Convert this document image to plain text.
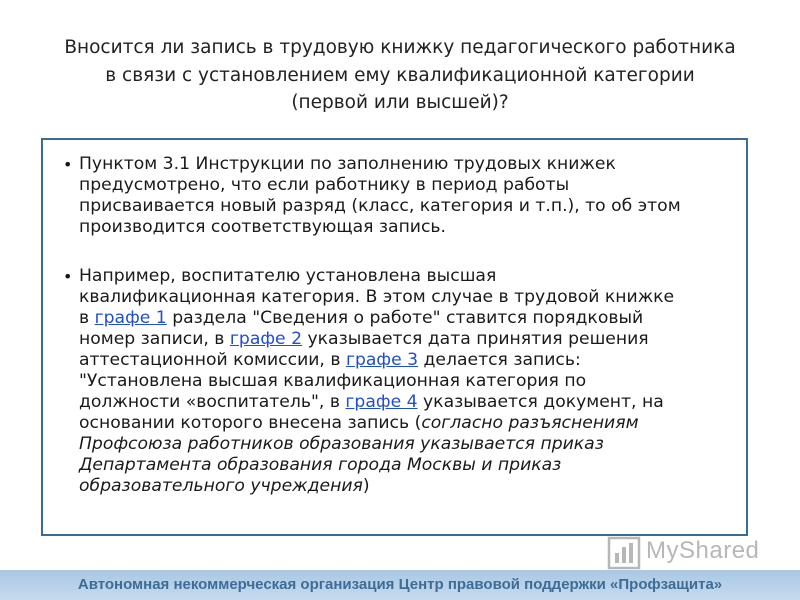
Вносится ли запись в трудовую книжку педагогического работника
в связи с установлением ему квалификационной категории
(первой или высшей)?
• Пунктом 3.1 Инструкции по заполнению трудовых книжек
предусмотрено, что если работнику в период работы
присваивается новый разряд (класс, категория и т.п.), то об этом
производится соответствующая запись.
• Например, воспитателю установлена высшая
квалификационная категория. В этом случае в трудовой книжке
в графе 1 раздела "Сведения о работе" ставится порядковый
номер записи, в графе 2 указывается дата принятия решения
аттестационной комиссии, в графе 3 делается запись:
"Установлена высшая квалификационная категория по
должности «воспитатель", в графе 4 указывается документ, на
основании которого внесена запись (согласно разъяснениям
Профсоюза работников образования указывается приказ
Департамента образования города Москвы и приказ
образовательного учреждения)
MyShared
Автономная некоммерческая организация Центр правовой поддержки «Профзащита»
